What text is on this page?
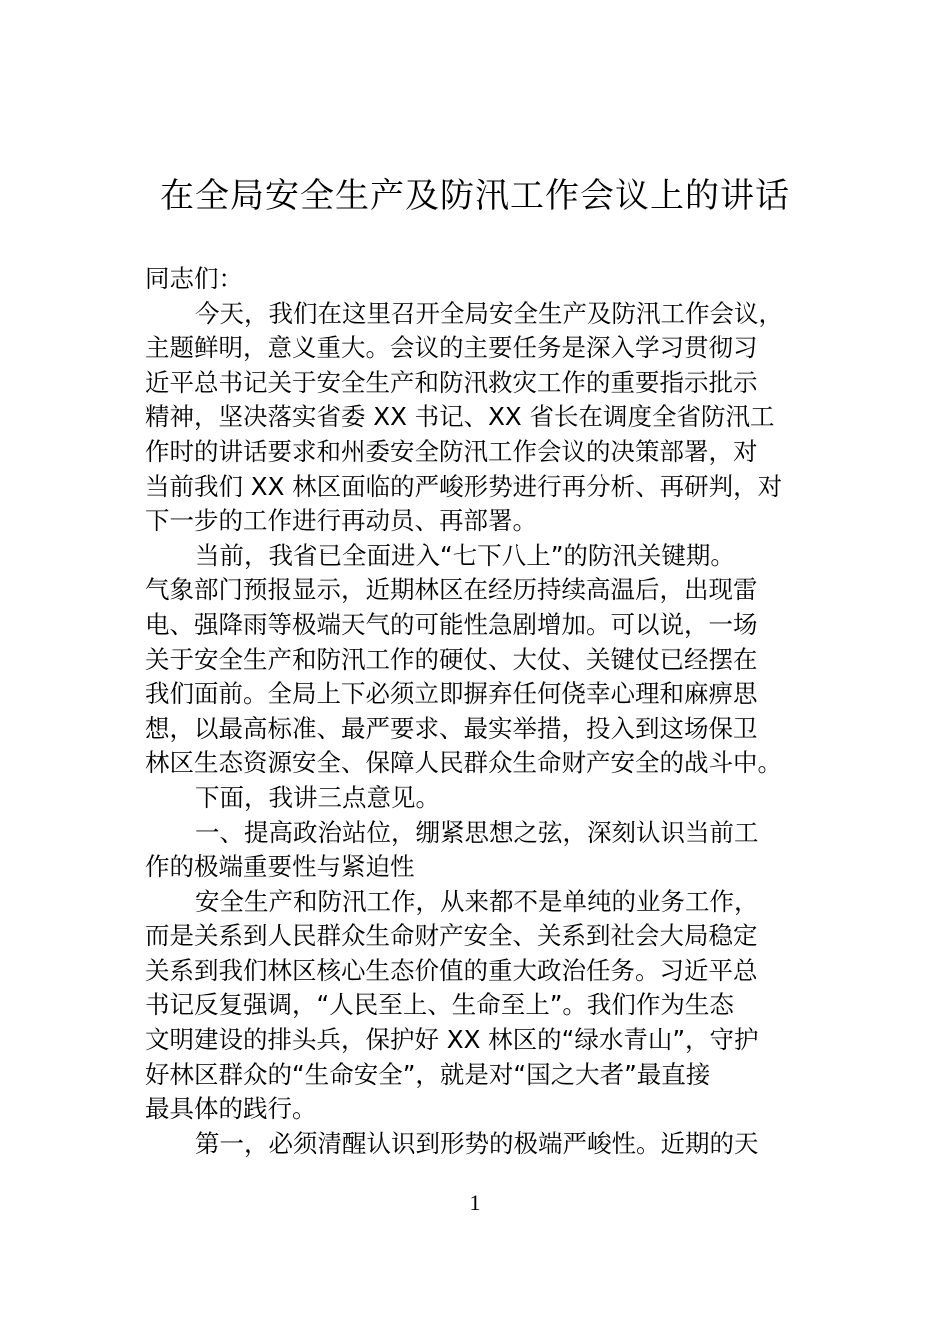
在全局安全生产及防汛工作会议上的讲话
同志们：
今天，我们在这里召开全局安全生产及防汛工作会议，
主题鲜明，意义重大。会议的主要任务是深入学习贯彻习
近平总书记关于安全生产和防汛救灾工作的重要指示批示
精神，坚决落实省委 XX 书记、XX 省长在调度全省防汛工
作时的讲话要求和州委安全防汛工作会议的决策部署，对
当前我们 XX 林区面临的严峻形势进行再分析、再研判，对
下一步的工作进行再动员、再部署。
当前，我省已全面进入“七下八上”的防汛关键期。
气象部门预报显示，近期林区在经历持续高温后，出现雷
电、强降雨等极端天气的可能性急剧增加。可以说，一场
关于安全生产和防汛工作的硬仗、大仗、关键仗已经摆在
我们面前。全局上下必须立即摒弃任何侥幸心理和麻痹思
想，以最高标准、最严要求、最实举措，投入到这场保卫
林区生态资源安全、保障人民群众生命财产安全的战斗中。
下面，我讲三点意见。
一、提高政治站位，绷紧思想之弦，深刻认识当前工
作的极端重要性与紧迫性
安全生产和防汛工作，从来都不是单纯的业务工作，
而是关系到人民群众生命财产安全、关系到社会大局稳定
关系到我们林区核心生态价值的重大政治任务。习近平总
书记反复强调，“人民至上、生命至上”。我们作为生态
文明建设的排头兵，保护好 XX 林区的“绿水青山”，守护
好林区群众的“生命安全”，就是对“国之大者”最直接
最具体的践行。
第一，必须清醒认识到形势的极端严峻性。近期的天
1
